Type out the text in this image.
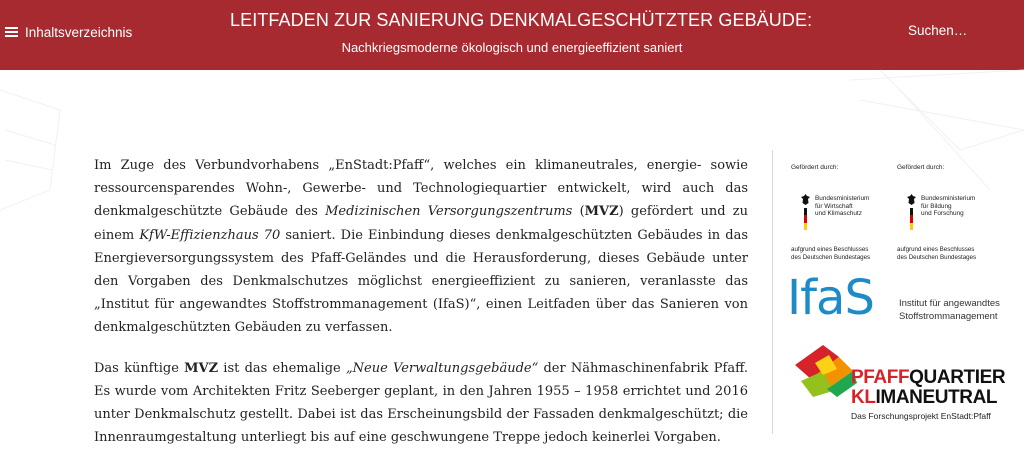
Inhaltsverzeichnis
LEITFADEN ZUR SANIERUNG DENKMALGESCHÜTZTER GEBÄUDE:
Nachkriegsmoderne ökologisch und energieeffizient saniert
Suchen…

Im Zuge des Verbundvorhabens „EnStadt:Pfaff“, welches ein klimaneutrales, energie- sowie ressourcensparendes Wohn-, Gewerbe- und Technologiequartier entwickelt, wird auch das denkmalgeschützte Gebäude des Medizinischen Versorgungszentrums (MVZ) gefördert und zu einem KfW-Effizienzhaus 70 saniert. Die Einbindung dieses denkmalgeschützten Gebäudes in das Energieversorgungssystem des Pfaff-Geländes und die Herausforderung, dieses Gebäude unter den Vorgaben des Denkmalschutzes möglichst energieeffizient zu sanieren, veranlasste das „Institut für angewandtes Stoffstrommanagement (IfaS)“, einen Leitfaden über das Sanieren von denkmalgeschützten Gebäuden zu verfassen.

Das künftige MVZ ist das ehemalige „Neue Verwaltungsgebäude“ der Nähmaschinenfabrik Pfaff. Es wurde vom Architekten Fritz Seeberger geplant, in den Jahren 1955 – 1958 errichtet und 2016 unter Denkmalschutz gestellt. Dabei ist das Erscheinungsbild der Fassaden denkmalgeschützt; die Innenraumgestaltung unterliegt bis auf eine geschwungene Treppe jedoch keinerlei Vorgaben.

Gefördert durch:
Bundesministerium
für Wirtschaft
und Klimaschutz
aufgrund eines Beschlusses
des Deutschen Bundestages
Gefördert durch:
Bundesministerium
für Bildung
und Forschung
aufgrund eines Beschlusses
des Deutschen Bundestages
IfaS	Institut für angewandtes
Stoffstrommanagement
PFAFFQUARTIER
KLIMANEUTRAL
Das Forschungsprojekt EnStadt:Pfaff
